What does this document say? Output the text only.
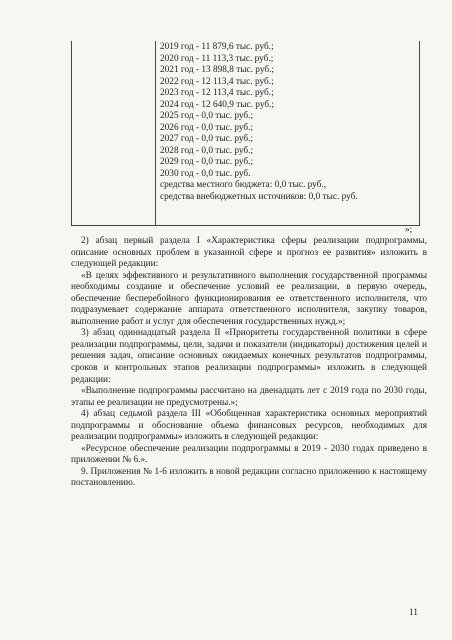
2019 год - 11 879,6 тыс. руб.;
2020 год - 11 113,3 тыс. руб.;
2021 год - 13 898,8 тыс. руб.;
2022 год - 12 113,4 тыс. руб.;
2023 год - 12 113,4 тыс. руб.;
2024 год - 12 640,9 тыс. руб.;
2025 год - 0,0 тыс. руб.;
2026 год - 0,0 тыс. руб.;
2027 год - 0,0 тыс. руб.;
2028 год - 0,0 тыс. руб.;
2029 год - 0,0 тыс. руб.;
2030 год - 0,0 тыс. руб.
средства местного бюджета: 0,0 тыс. руб.,
средства внебюджетных источников: 0,0 тыс. руб.
»;

2) абзац первый раздела I «Характеристика сферы реализации подпрограммы, описание основных проблем в указанной сфере и прогноз ее развития» изложить в следующей редакции:

«В целях эффективного и результативного выполнения государственной программы необходимы создание и обеспечение условий ее реализации, в первую очередь, обеспечение бесперебойного функционирования ее ответственного исполнителя, что подразумевает содержание аппарата ответственного исполнителя, закупку товаров, выполнение работ и услуг для обеспечения государственных нужд.»;

3) абзац одиннадцатый раздела II «Приоритеты государственной политики в сфере реализации подпрограммы, цели, задачи и показатели (индикаторы) достижения целей и решения задач, описание основных ожидаемых конечных результатов подпрограммы, сроков и контрольных этапов реализации подпрограммы» изложить в следующей редакции:

«Выполнение подпрограммы рассчитано на двенадцать лет с 2019 года по 2030 годы, этапы ее реализации не предусмотрены.»;

4) абзац седьмой раздела III «Обобщенная характеристика основных мероприятий подпрограммы и обоснование объема финансовых ресурсов, необходимых для реализации подпрограммы» изложить в следующей редакции:

«Ресурсное обеспечение реализации подпрограммы в 2019 - 2030 годах приведено в приложении № 6.».

9. Приложения № 1-6 изложить в новой редакции согласно приложению к настоящему постановлению.

11
